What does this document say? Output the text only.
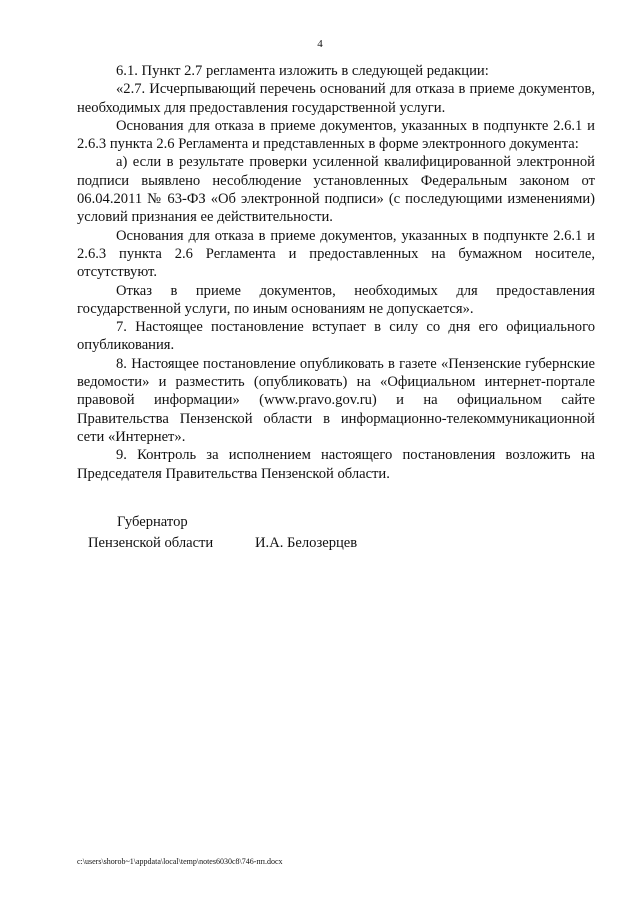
4

6.1. Пункт 2.7 регламента изложить в следующей редакции:

«2.7. Исчерпывающий перечень оснований для отказа в приеме документов, необходимых для предоставления государственной услуги.

Основания для отказа в приеме документов, указанных в подпункте 2.6.1 и 2.6.3 пункта 2.6 Регламента и представленных в форме электронного документа:

а) если в результате проверки усиленной квалифицированной электронной подписи выявлено несоблюдение установленных Федеральным законом от 06.04.2011 № 63-ФЗ «Об электронной подписи» (с последующими изменениями) условий признания ее действительности.

Основания для отказа в приеме документов, указанных в подпункте 2.6.1 и 2.6.3 пункта 2.6 Регламента и предоставленных на бумажном носителе, отсутствуют.

Отказ в приеме документов, необходимых для предоставления государственной услуги, по иным основаниям не допускается».

7. Настоящее постановление вступает в силу со дня его официального опубликования.

8. Настоящее постановление опубликовать в газете «Пензенские губернские ведомости» и разместить (опубликовать) на «Официальном интернет-портале правовой информации» (www.pravo.gov.ru) и на официальном сайте Правительства Пензенской области в информационно-телекоммуникационной сети «Интернет».

9. Контроль за исполнением настоящего постановления возложить на Председателя Правительства Пензенской области.

Губернатор
Пензенской области	И.А. Белозерцев
c:\users\shorob~1\appdata\local\temp\notes6030c8\746-пп.docx
